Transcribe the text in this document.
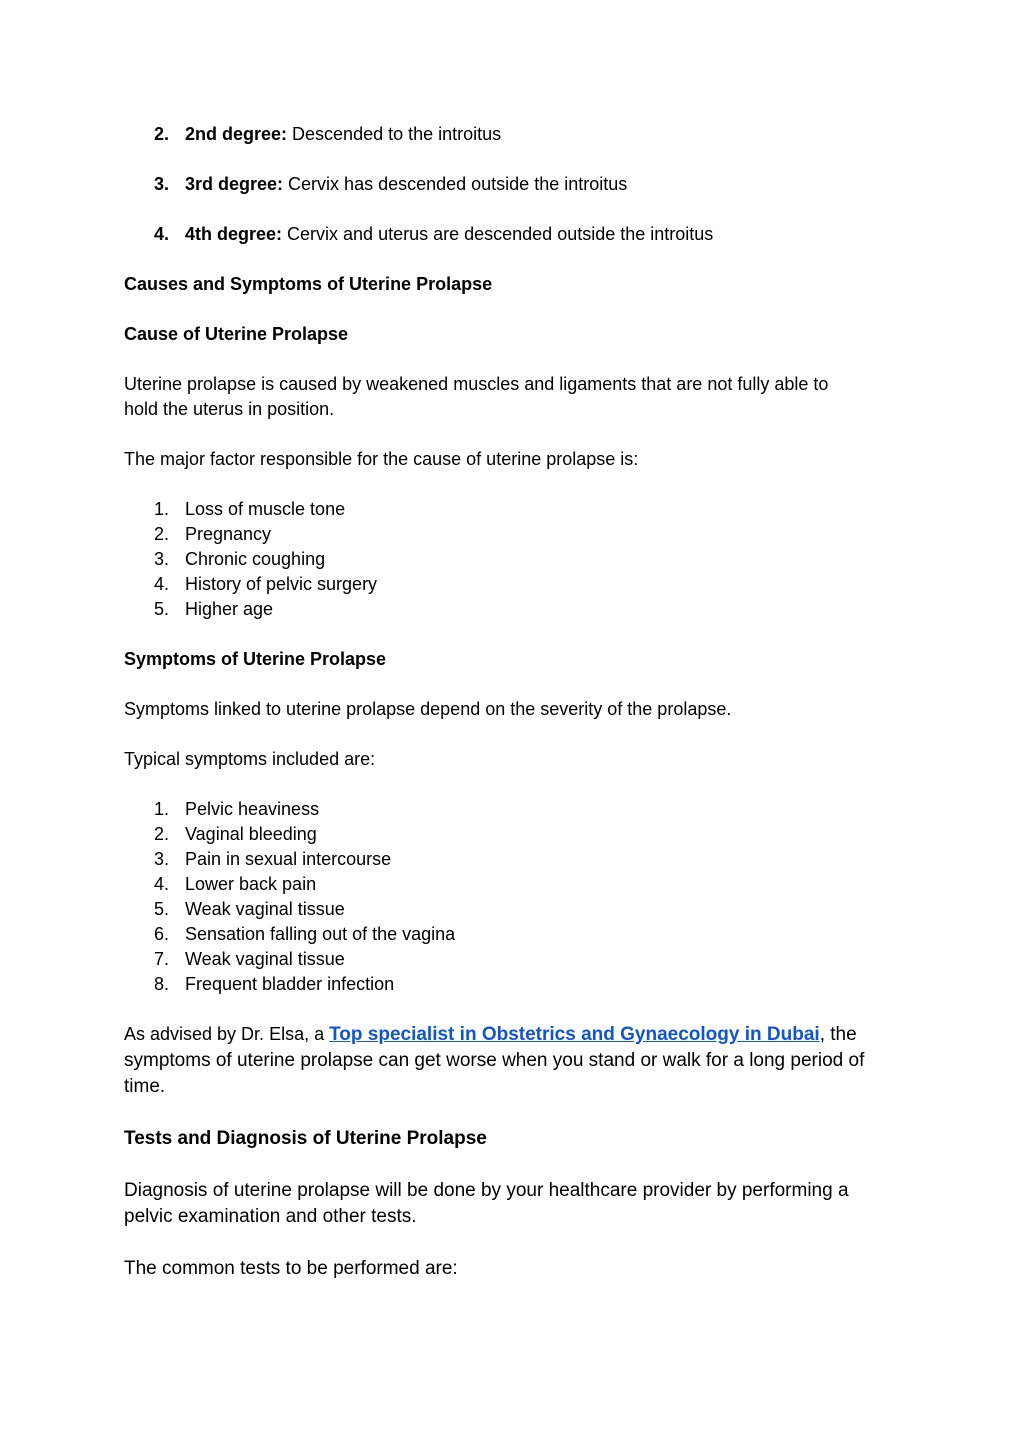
2. 2nd degree: Descended to the introitus
3. 3rd degree: Cervix has descended outside the introitus
4. 4th degree: Cervix and uterus are descended outside the introitus
Causes and Symptoms of Uterine Prolapse
Cause of Uterine Prolapse
Uterine prolapse is caused by weakened muscles and ligaments that are not fully able to
hold the uterus in position.
The major factor responsible for the cause of uterine prolapse is:
1. Loss of muscle tone
2. Pregnancy
3. Chronic coughing
4. History of pelvic surgery
5. Higher age
Symptoms of Uterine Prolapse
Symptoms linked to uterine prolapse depend on the severity of the prolapse.
Typical symptoms included are:
1. Pelvic heaviness
2. Vaginal bleeding
3. Pain in sexual intercourse
4. Lower back pain
5. Weak vaginal tissue
6. Sensation falling out of the vagina
7. Weak vaginal tissue
8. Frequent bladder infection
As advised by Dr. Elsa, a Top specialist in Obstetrics and Gynaecology in Dubai, the
symptoms of uterine prolapse can get worse when you stand or walk for a long period of
time.
Tests and Diagnosis of Uterine Prolapse
Diagnosis of uterine prolapse will be done by your healthcare provider by performing a
pelvic examination and other tests.
The common tests to be performed are:
